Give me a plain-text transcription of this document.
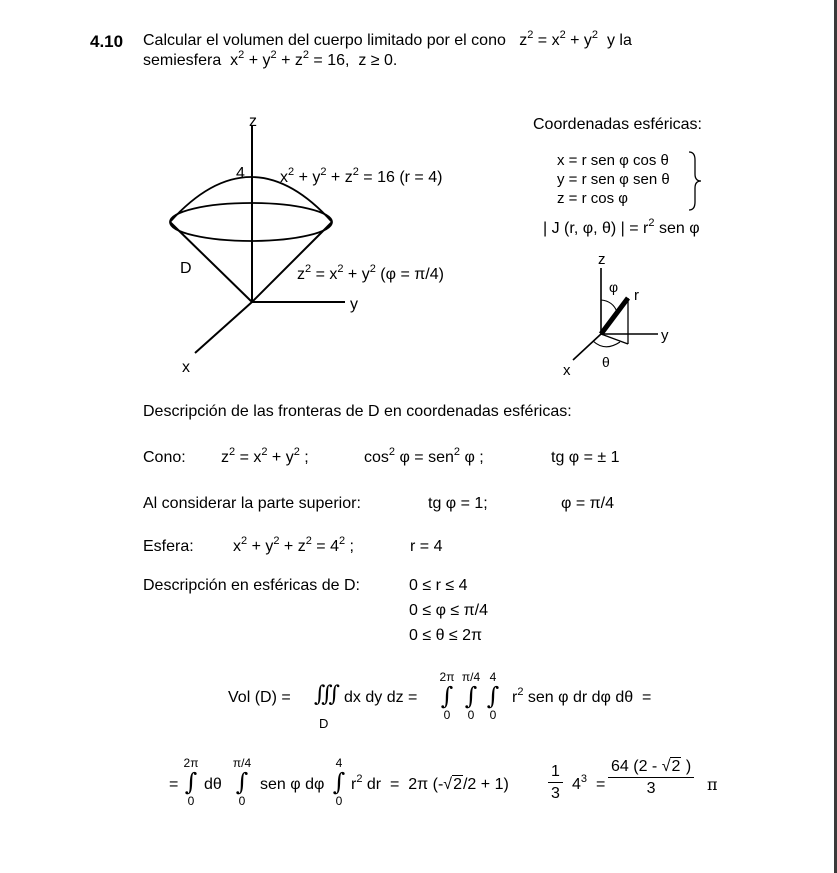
4.10 Calcular el volumen del cuerpo limitado por el cono $z^2 = x^2 + y^2$ y la
semiesfera  $x^2 + y^2 + z^2 = 16$,  z ≥ 0.
z
y
x
4
D
$x^2 + y^2 + z^2 = 16$ (r = 4)
$z^2 = x^2 + y^2$ (φ = π/4)
Coordenadas esféricas:
x = r sen φ cos θ
y = r sen φ sen θ
z = r cos φ
| J (r, φ, θ) | = $r^2$ sen φ
z
y
x
φ r
θ
Descripción de las fronteras de D en coordenadas esféricas:
Cono: $z^2 = x^2 + y^2$ ;	$\cos^2 \varphi = sen^2$ φ ;	tg φ = ± 1
Al considerar la parte superior:	tg φ = 1;	φ = π/4
Esfera: $x^2 + y^2 + z^2 = 4^2$ ;	r = 4
Descripción en esféricas de D:	0 ≤ r ≤ 4
0 ≤ φ ≤ π/4
0 ≤ θ ≤ 2π
Vol (D) = ∭
D
dx dy dz =
2π
∫
0
π/4
∫
0
4
∫
0
$r^2$ sen φ dr dφ dθ  =
=
2π
∫
0
dθ
π/4
∫
0
sen φ dφ
4
∫
0
$r^2$ dr  =  2π $(-√2/2 + 1) \frac{1}{3} 4^3 = \frac{64 (2 - √2 )}{3}$ π
